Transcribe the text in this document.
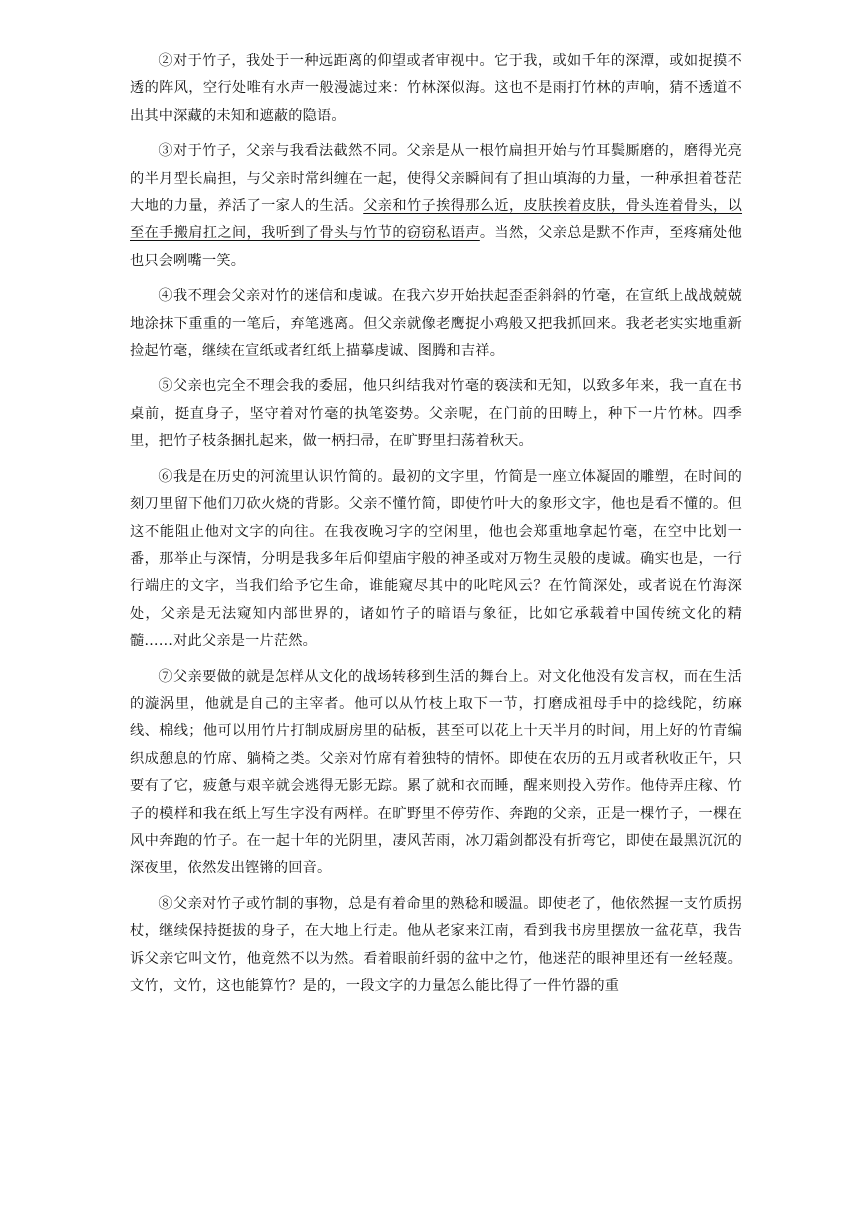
②对于竹子，我处于一种远距离的仰望或者审视中。它于我，或如千年的深潭，或如捉摸不透的阵风，空行处唯有水声一般漫滤过来：竹林深似海。这也不是雨打竹林的声响，猜不透道不出其中深藏的未知和遮蔽的隐语。

③对于竹子，父亲与我看法截然不同。父亲是从一根竹扁担开始与竹耳鬓厮磨的，磨得光亮的半月型长扁担，与父亲时常纠缠在一起，使得父亲瞬间有了担山填海的力量，一种承担着苍茫大地的力量，养活了一家人的生活。父亲和竹子挨得那么近，皮肤挨着皮肤，骨头连着骨头，以至在手搬肩扛之间，我听到了骨头与竹节的窃窃私语声。当然，父亲总是默不作声，至疼痛处他也只会咧嘴一笑。

④我不理会父亲对竹的迷信和虔诚。在我六岁开始扶起歪歪斜斜的竹毫，在宣纸上战战兢兢地涂抹下重重的一笔后，弃笔逃离。但父亲就像老鹰捉小鸡般又把我抓回来。我老老实实地重新捡起竹毫，继续在宣纸或者红纸上描摹虔诚、图腾和吉祥。

⑤父亲也完全不理会我的委屈，他只纠结我对竹毫的亵渎和无知，以致多年来，我一直在书桌前，挺直身子，坚守着对竹毫的执笔姿势。父亲呢，在门前的田畴上，种下一片竹林。四季里，把竹子枝条捆扎起来，做一柄扫帚，在旷野里扫荡着秋天。

⑥我是在历史的河流里认识竹简的。最初的文字里，竹简是一座立体凝固的雕塑，在时间的刻刀里留下他们刀砍火烧的背影。父亲不懂竹简，即使竹叶大的象形文字，他也是看不懂的。但这不能阻止他对文字的向往。在我夜晚习字的空闲里，他也会郑重地拿起竹毫，在空中比划一番，那举止与深情，分明是我多年后仰望庙宇般的神圣或对万物生灵般的虔诚。确实也是，一行行端庄的文字，当我们给予它生命，谁能窥尽其中的叱咤风云？在竹简深处，或者说在竹海深处，父亲是无法窥知内部世界的，诸如竹子的暗语与象征，比如它承载着中国传统文化的精髓……对此父亲是一片茫然。

⑦父亲要做的就是怎样从文化的战场转移到生活的舞台上。对文化他没有发言权，而在生活的漩涡里，他就是自己的主宰者。他可以从竹枝上取下一节，打磨成祖母手中的捻线陀，纺麻线、棉线；他可以用竹片打制成厨房里的砧板，甚至可以花上十天半月的时间，用上好的竹青编织成憩息的竹席、躺椅之类。父亲对竹席有着独特的情怀。即使在农历的五月或者秋收正午，只要有了它，疲惫与艰辛就会逃得无影无踪。累了就和衣而睡，醒来则投入劳作。他侍弄庄稼、竹子的模样和我在纸上写生字没有两样。在旷野里不停劳作、奔跑的父亲，正是一棵竹子，一棵在风中奔跑的竹子。在一起十年的光阴里，凄风苦雨，冰刀霜剑都没有折弯它，即使在最黑沉沉的深夜里，依然发出铿锵的回音。

⑧父亲对竹子或竹制的事物，总是有着命里的熟稔和暖温。即使老了，他依然握一支竹质拐杖，继续保持挺拔的身子，在大地上行走。他从老家来江南，看到我书房里摆放一盆花草，我告诉父亲它叫文竹，他竟然不以为然。看着眼前纤弱的盆中之竹，他迷茫的眼神里还有一丝轻蔑。文竹，文竹，这也能算竹？是的，一段文字的力量怎么能比得了一件竹器的重
